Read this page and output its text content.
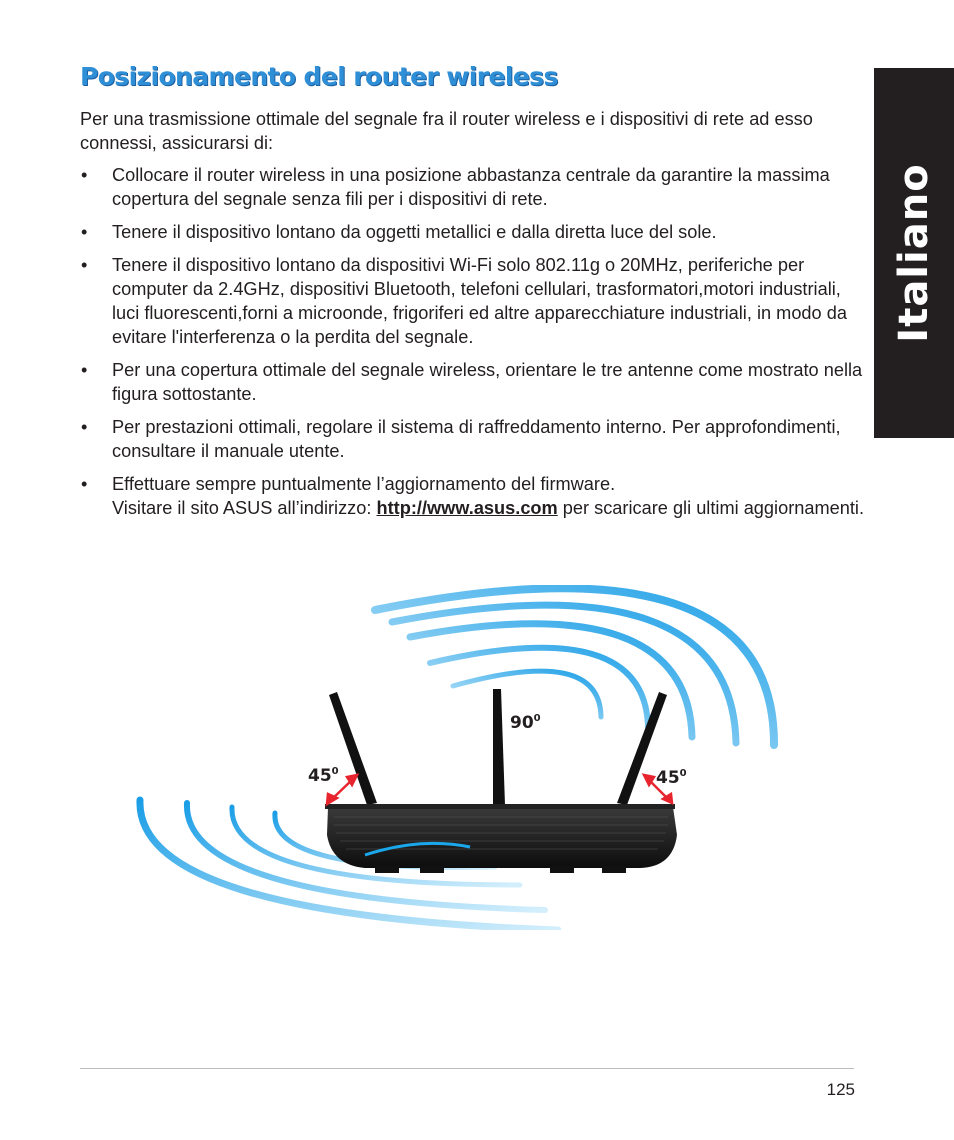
Posizionamento del router wireless

Per una trasmissione ottimale del segnale fra il router wireless e i dispositivi di rete ad esso connessi, assicurarsi di:

• Collocare il router wireless in una posizione abbastanza centrale da garantire la massima copertura del segnale senza fili per i dispositivi di rete.
• Tenere il dispositivo lontano da oggetti metallici e dalla diretta luce del sole.
• Tenere il dispositivo lontano da dispositivi Wi-Fi solo 802.11g o 20MHz, periferiche per computer da 2.4GHz, dispositivi Bluetooth, telefoni cellulari, trasformatori,motori industriali, luci fluorescenti,forni a microonde, frigoriferi ed altre apparecchiature industriali, in modo da evitare l'interferenza o la perdita del segnale.
• Per una copertura ottimale del segnale wireless, orientare le tre antenne come mostrato nella figura sottostante.
• Per prestazioni ottimali, regolare il sistema di raffreddamento interno. Per approfondimenti, consultare il manuale utente.
• Effettuare sempre puntualmente l’aggiornamento del firmware.
Visitare il sito ASUS all’indirizzo: http://www.asus.com per scaricare gli ultimi aggiornamenti.
Italiano
$90^0$
$45^0$	$45^0$
125
